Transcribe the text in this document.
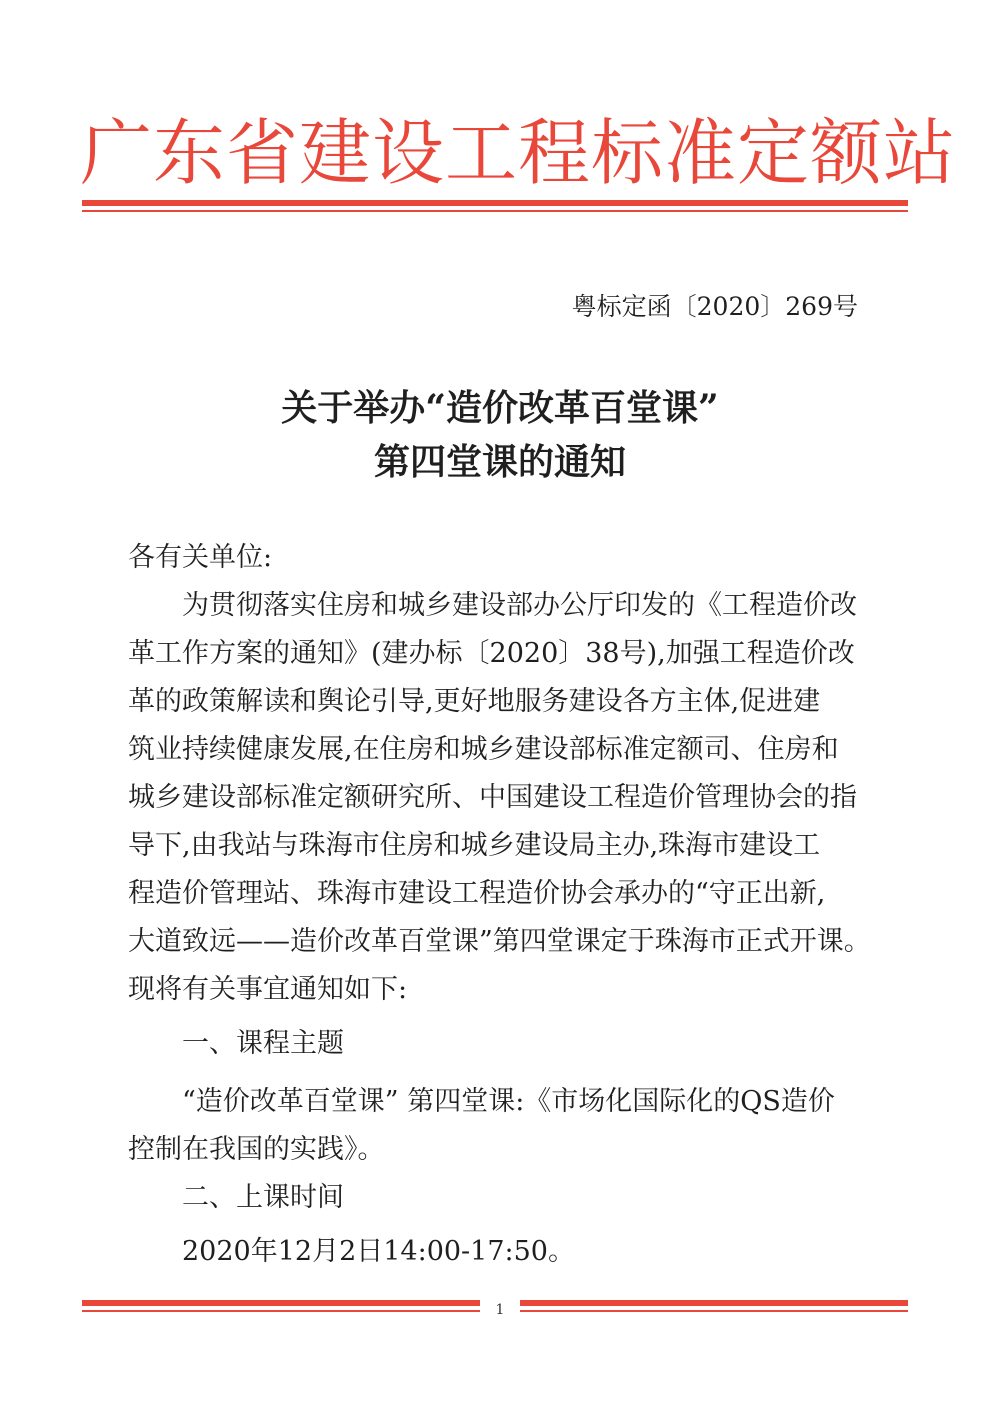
广东省建设工程标准定额站
粤标定函〔2020〕269号
关于举办“造价改革百堂课”
第四堂课的通知
各有关单位:
　　为贯彻落实住房和城乡建设部办公厅印发的《工程造价改
革工作方案的通知》(建办标〔2020〕38号),加强工程造价改
革的政策解读和舆论引导,更好地服务建设各方主体,促进建
筑业持续健康发展,在住房和城乡建设部标准定额司、住房和
城乡建设部标准定额研究所、中国建设工程造价管理协会的指
导下,由我站与珠海市住房和城乡建设局主办,珠海市建设工
程造价管理站、珠海市建设工程造价协会承办的“守正出新,
大道致远——造价改革百堂课”第四堂课定于珠海市正式开课。
现将有关事宜通知如下:
　　一、课程主题
　　“造价改革百堂课” 第四堂课:《市场化国际化的QS造价
控制在我国的实践》。
　　二、上课时间
　　2020年12月2日14:00-17:50。
1
